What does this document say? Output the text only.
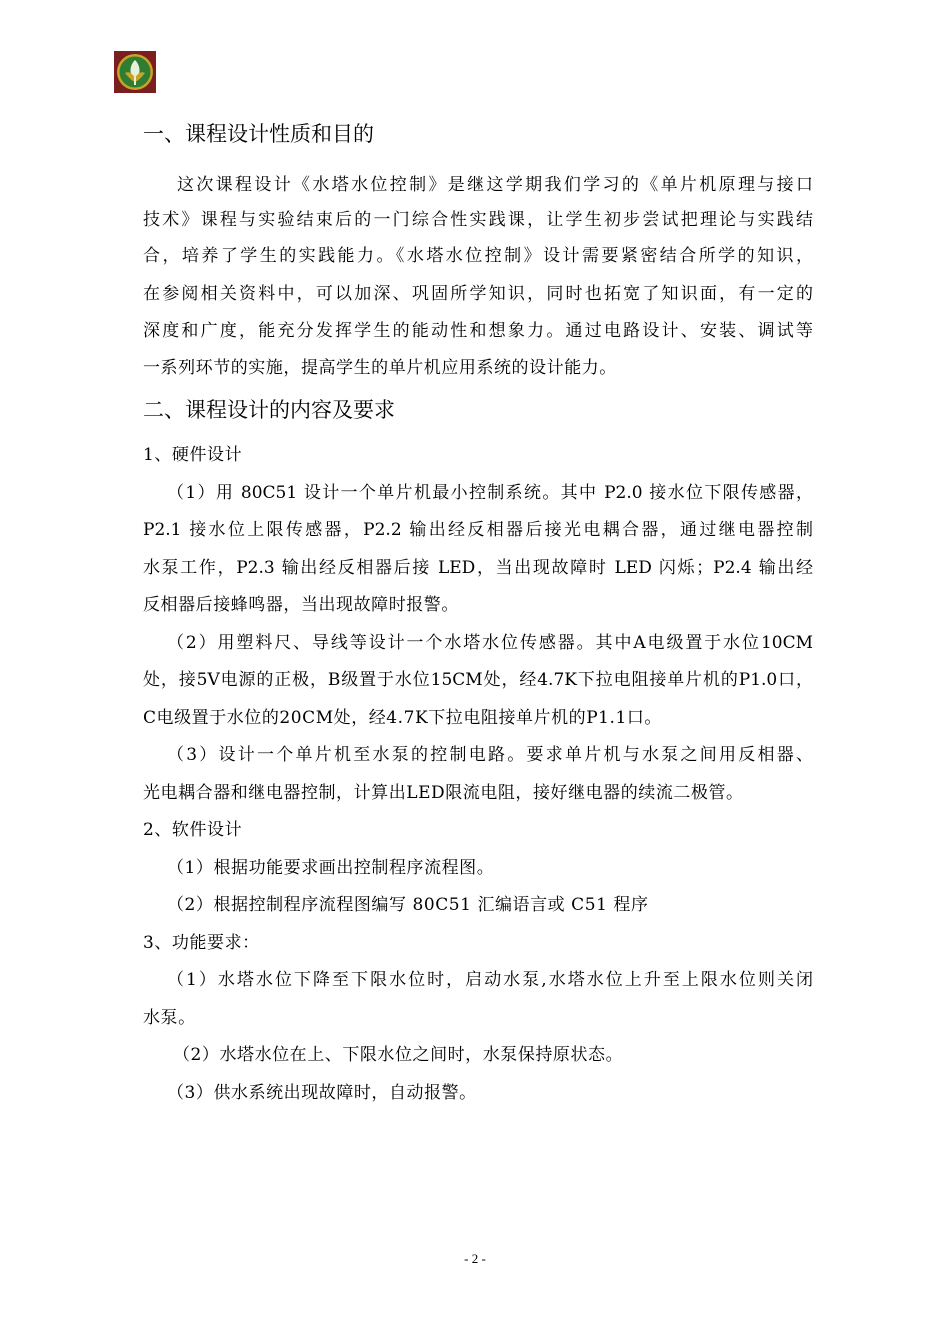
一、课程设计性质和目的
这次课程设计《水塔水位控制》是继这学期我们学习的《单片机原理与接口
技术》课程与实验结束后的一门综合性实践课，让学生初步尝试把理论与实践结
合，培养了学生的实践能力。《水塔水位控制》设计需要紧密结合所学的知识，
在参阅相关资料中，可以加深、巩固所学知识，同时也拓宽了知识面，有一定的
深度和广度，能充分发挥学生的能动性和想象力。通过电路设计、安装、调试等
一系列环节的实施，提高学生的单片机应用系统的设计能力。
二、课程设计的内容及要求
1、硬件设计
（1）用 80C51 设计一个单片机最小控制系统。其中 P2.0 接水位下限传感器，
P2.1 接水位上限传感器，P2.2 输出经反相器后接光电耦合器，通过继电器控制
水泵工作，P2.3 输出经反相器后接 LED，当出现故障时 LED 闪烁；P2.4 输出经
反相器后接蜂鸣器，当出现故障时报警。
（2）用塑料尺、导线等设计一个水塔水位传感器。其中A电级置于水位10CM
处，接5V电源的正极，B级置于水位15CM处，经4.7K下拉电阻接单片机的P1.0口，
C电级置于水位的20CM处，经4.7K下拉电阻接单片机的P1.1口。
（3）设计一个单片机至水泵的控制电路。要求单片机与水泵之间用反相器、
光电耦合器和继电器控制，计算出LED限流电阻，接好继电器的续流二极管。
2、软件设计
（1）根据功能要求画出控制程序流程图。
（2）根据控制程序流程图编写 80C51 汇编语言或 C51 程序
3、功能要求：
（1）水塔水位下降至下限水位时，启动水泵,水塔水位上升至上限水位则关闭
水泵。
（2）水塔水位在上、下限水位之间时，水泵保持原状态。
（3）供水系统出现故障时，自动报警。
- 2 -
